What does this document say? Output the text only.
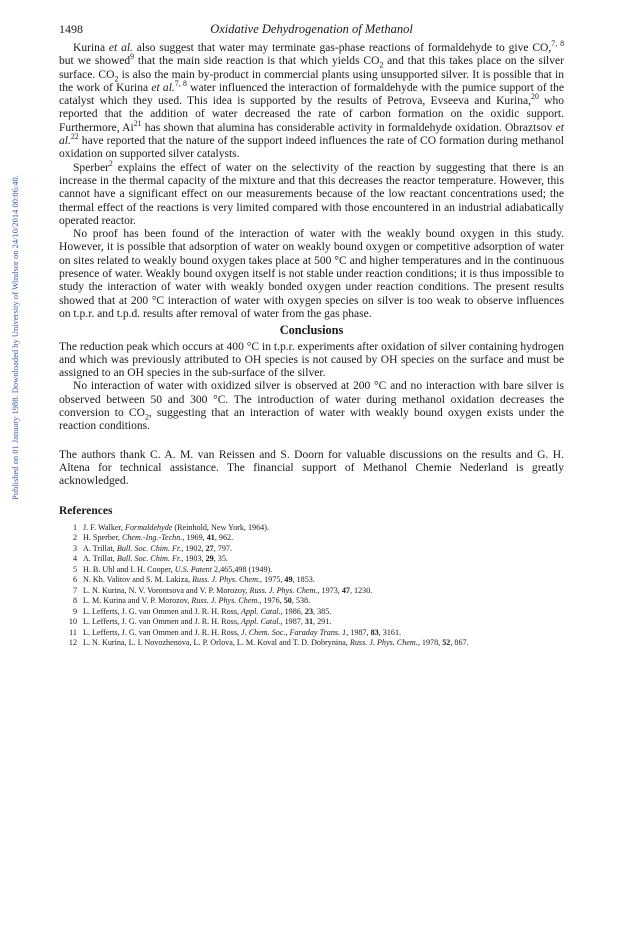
Published on 01 January 1988. Downloaded by University of Windsor on 24/10/2014 00:06:40.
1498	Oxidative Dehydrogenation of Methanol

Kurina et al. also suggest that water may terminate gas-phase reactions of formaldehyde to give CO,$^{7, 8}$ but we showed$^9$ that the main side reaction is that which yields $CO_2$ and that this takes place on the silver surface. $CO_2$ is also the main by-product in commercial plants using unsupported silver. It is possible that in the work of Kurina et al.$^{7, 8}$ water influenced the interaction of formaldehyde with the pumice support of the catalyst which they used. This idea is supported by the results of Petrova, Evseeva and Kurina,$^{20}$ who reported that the addition of water decreased the rate of carbon formation on the oxidic support. Furthermore, Ai$^{21}$ has shown that alumina has considerable activity in formaldehyde oxidation. Obraztsov et al.$^{22}$ have reported that the nature of the support indeed influences the rate of CO formation during methanol oxidation on supported silver catalysts.

Sperber$^2$ explains the effect of water on the selectivity of the reaction by suggesting that there is an increase in the thermal capacity of the mixture and that this decreases the reactor temperature. However, this cannot have a significant effect on our measurements because of the low reactant concentrations used; the thermal effect of the reactions is very limited compared with those encountered in an industrial adiabatically operated reactor.

No proof has been found of the interaction of water with the weakly bound oxygen in this study. However, it is possible that adsorption of water on weakly bound oxygen or competitive adsorption of water on sites related to weakly bound oxygen takes place at 500 °C and higher temperatures and in the continuous presence of water. Weakly bound oxygen itself is not stable under reaction conditions; it is thus impossible to study the interaction of water with weakly bonded oxygen under reaction conditions. The present results showed that at 200 °C interaction of water with oxygen species on silver is too weak to observe influences on t.p.r. and t.p.d. results after removal of water from the gas phase.

Conclusions

The reduction peak which occurs at 400 °C in t.p.r. experiments after oxidation of silver containing hydrogen and which was previously attributed to OH species is not caused by OH species on the surface and must be assigned to an OH species in the sub-surface of the silver.

No interaction of water with oxidized silver is observed at 200 °C and no interaction with bare silver is observed between 50 and 300 °C. The introduction of water during methanol oxidation decreases the conversion to $CO_2$, suggesting that an interaction of water with weakly bound oxygen exists under the reaction conditions.

The authors thank C. A. M. van Reissen and S. Doorn for valuable discussions on the results and G. H. Altena for technical assistance. The financial support of Methanol Chemie Nederland is greatly acknowledged.

References
1 J. F. Walker, Formaldehyde (Reinhold, New York, 1964).
2 H. Sperber, Chem.-Ing.-Techn., 1969, 41, 962.
3 A. Trillat, Bull. Soc. Chim. Fr., 1902, 27, 797.
4 A. Trillat, Bull. Soc. Chim. Fr., 1903, 29, 35.
5 H. B. Uhl and I. H. Cooper, U.S. Patent 2,465,498 (1949).
6 N. Kh. Valitov and S. M. Lakiza, Russ. J. Phys. Chem., 1975, 49, 1853.
7 L. N. Kurina, N. V. Vorontsova and V. P. Morozoy, Russ. J. Phys. Chem., 1973, 47, 1230.
8 L. M. Kurina and V. P. Morozov, Russ. J. Phys. Chem., 1976, 50, 538.
9 L. Lefferts, J. G. van Ommen and J. R. H. Ross, Appl. Catal., 1986, 23, 385.
10 L. Lefferts, J. G. van Ommen and J. R. H. Ross, Appl. Catal., 1987, 31, 291.
11 L. Lefferts, J. G. van Ommen and J. R. H. Ross, J. Chem. Soc., Faraday Trans. 1, 1987, 83, 3161.
12 L. N. Kurina, L. I. Novozhenova, L. P. Orlova, L. M. Koval and T. D. Dobrynina, Russ. J. Phys. Chem., 1978, 52, 867.
